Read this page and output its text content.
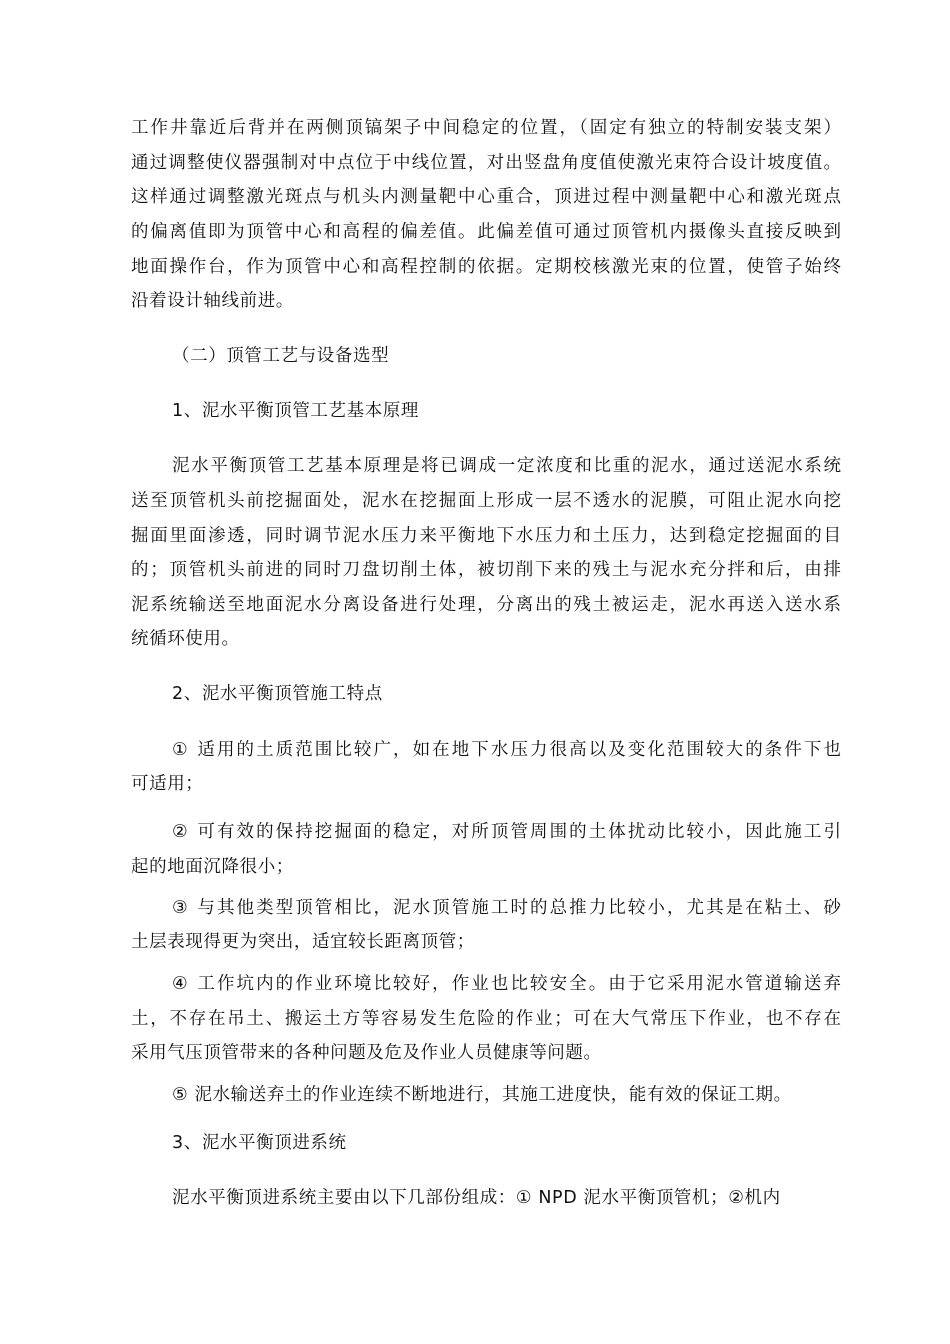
工作井靠近后背并在两侧顶镐架子中间稳定的位置，（固定有独立的特制安装支架）
通过调整使仪器强制对中点位于中线位置，对出竖盘角度值使激光束符合设计坡度值。
这样通过调整激光斑点与机头内测量靶中心重合，顶进过程中测量靶中心和激光斑点
的偏离值即为顶管中心和高程的偏差值。此偏差值可通过顶管机内摄像头直接反映到
地面操作台，作为顶管中心和高程控制的依据。定期校核激光束的位置，使管子始终
沿着设计轴线前进。
（二）顶管工艺与设备选型
1、泥水平衡顶管工艺基本原理
泥水平衡顶管工艺基本原理是将已调成一定浓度和比重的泥水，通过送泥水系统
送至顶管机头前挖掘面处，泥水在挖掘面上形成一层不透水的泥膜，可阻止泥水向挖
掘面里面渗透，同时调节泥水压力来平衡地下水压力和土压力，达到稳定挖掘面的目
的；顶管机头前进的同时刀盘切削土体，被切削下来的残土与泥水充分拌和后，由排
泥系统输送至地面泥水分离设备进行处理，分离出的残土被运走，泥水再送入送水系
统循环使用。
2、泥水平衡顶管施工特点
① 适用的土质范围比较广，如在地下水压力很高以及变化范围较大的条件下也
可适用；
② 可有效的保持挖掘面的稳定，对所顶管周围的土体扰动比较小，因此施工引
起的地面沉降很小；
③ 与其他类型顶管相比，泥水顶管施工时的总推力比较小，尤其是在粘土、砂
土层表现得更为突出，适宜较长距离顶管；
④ 工作坑内的作业环境比较好，作业也比较安全。由于它采用泥水管道输送弃
土，不存在吊土、搬运土方等容易发生危险的作业；可在大气常压下作业，也不存在
采用气压顶管带来的各种问题及危及作业人员健康等问题。
⑤ 泥水输送弃土的作业连续不断地进行，其施工进度快，能有效的保证工期。
3、泥水平衡顶进系统
泥水平衡顶进系统主要由以下几部份组成：① NPD 泥水平衡顶管机；②机内
